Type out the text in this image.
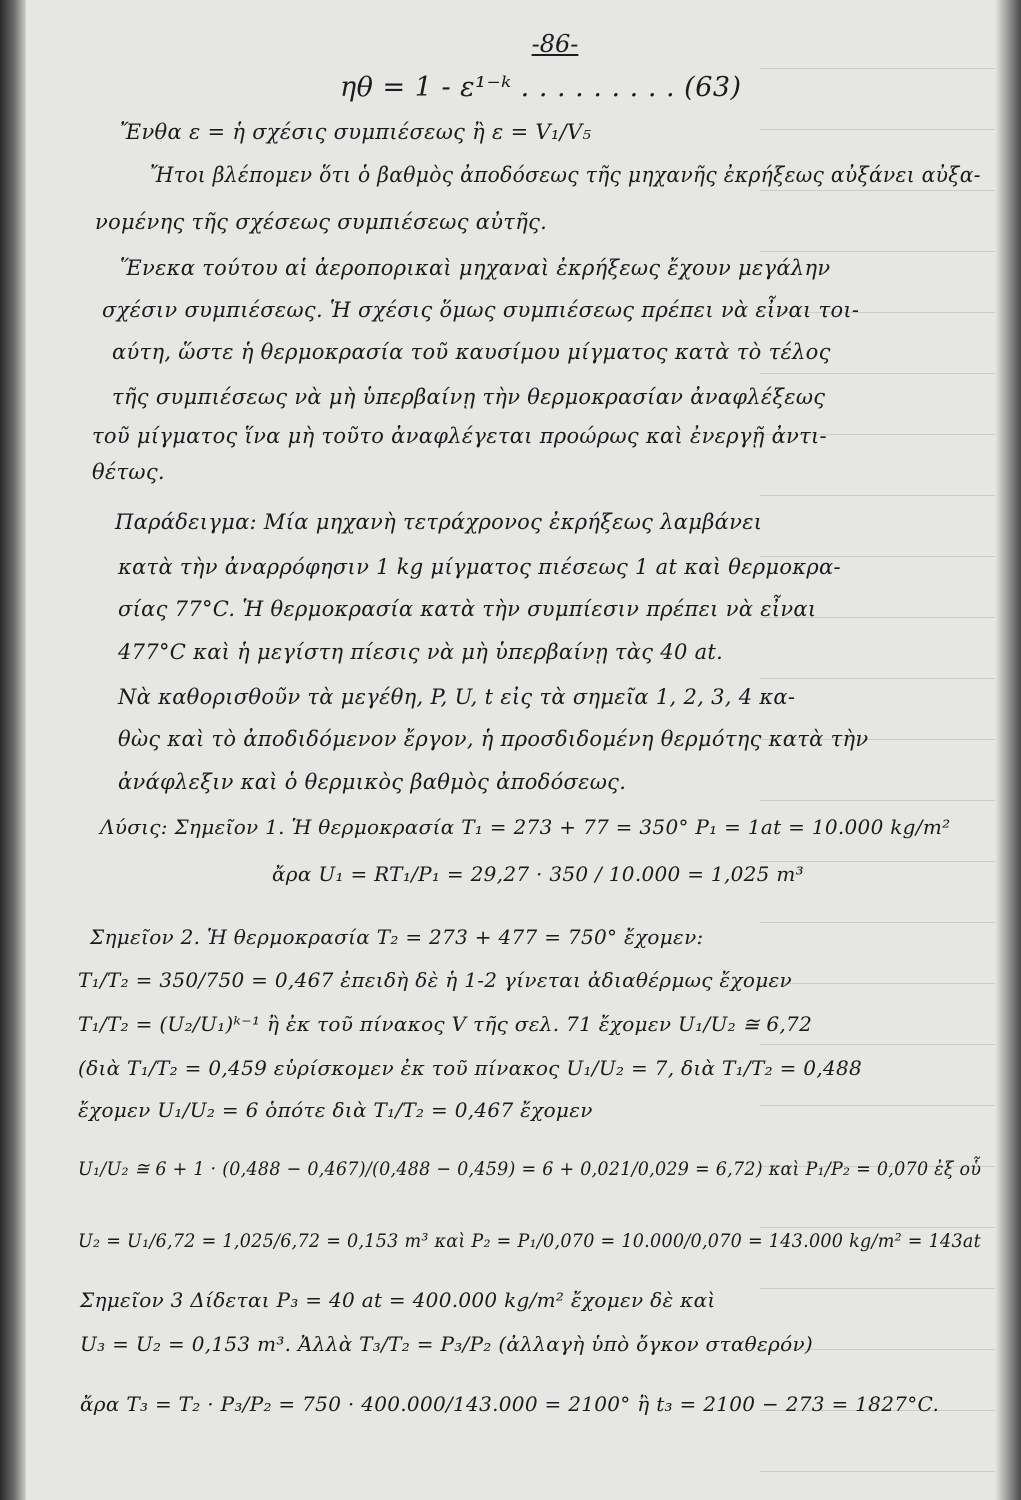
-86-
ηθ = 1 - ε¹⁻ᵏ . . . . . . . . . (63)
Ἔνθα ε = ἡ σχέσις συμπιέσεως ἢ ε = V₁/V₅
Ἤτοι βλέπομεν ὅτι ὁ βαθμὸς ἀποδόσεως τῆς μηχανῆς ἐκρήξεως αὐξάνει αὐξα-
νομένης τῆς σχέσεως συμπιέσεως αὐτῆς.
Ἕνεκα τούτου αἱ ἀεροπορικαὶ μηχαναὶ ἐκρήξεως ἔχουν μεγάλην
σχέσιν συμπιέσεως. Ἡ σχέσις ὅμως συμπιέσεως πρέπει νὰ εἶναι τοι-
αύτη, ὥστε ἡ θερμοκρασία τοῦ καυσίμου μίγματος κατὰ τὸ τέλος
τῆς συμπιέσεως νὰ μὴ ὑπερβαίνῃ τὴν θερμοκρασίαν ἀναφλέξεως
τοῦ μίγματος ἵνα μὴ τοῦτο ἀναφλέγεται προώρως καὶ ἐνεργῇ ἀντι-
θέτως.
Παράδειγμα: Μία μηχανὴ τετράχρονος ἐκρήξεως λαμβάνει
κατὰ τὴν ἀναρρόφησιν 1 kg μίγματος πιέσεως 1 at καὶ θερμοκρα-
σίας 77°C. Ἡ θερμοκρασία κατὰ τὴν συμπίεσιν πρέπει νὰ εἶναι
477°C καὶ ἡ μεγίστη πίεσις νὰ μὴ ὑπερβαίνῃ τὰς 40 at.
Νὰ καθορισθοῦν τὰ μεγέθη, P, U, t εἰς τὰ σημεῖα 1, 2, 3, 4 κα-
θὼς καὶ τὸ ἀποδιδόμενον ἔργον, ἡ προσδιδομένη θερμότης κατὰ τὴν
ἀνάφλεξιν καὶ ὁ θερμικὸς βαθμὸς ἀποδόσεως.
Λύσις: Σημεῖον 1. Ἡ θερμοκρασία T₁ = 273 + 77 = 350° P₁ = 1at = 10.000 kg/m²
ἄρα U₁ = RT₁/P₁ = 29,27 · 350 / 10.000 = 1,025 m³
Σημεῖον 2. Ἡ θερμοκρασία T₂ = 273 + 477 = 750° ἔχομεν:
T₁/T₂ = 350/750 = 0,467 ἐπειδὴ δὲ ἡ 1-2 γίνεται ἀδιαθέρμως ἔχομεν
T₁/T₂ = (U₂/U₁)ᵏ⁻¹ ἢ ἐκ τοῦ πίνακος V τῆς σελ. 71 ἔχομεν U₁/U₂ ≅ 6,72
(διὰ T₁/T₂ = 0,459 εὑρίσκομεν ἐκ τοῦ πίνακος U₁/U₂ = 7, διὰ T₁/T₂ = 0,488
ἔχομεν U₁/U₂ = 6 ὁπότε διὰ T₁/T₂ = 0,467 ἔχομεν
U₁/U₂ ≅ 6 + 1 · (0,488 − 0,467)/(0,488 − 0,459) = 6 + 0,021/0,029 = 6,72) καὶ P₁/P₂ = 0,070 ἐξ οὗ
U₂ = U₁/6,72 = 1,025/6,72 = 0,153 m³ καὶ P₂ = P₁/0,070 = 10.000/0,070 = 143.000 kg/m² = 143at
Σημεῖον 3 Δίδεται P₃ = 40 at = 400.000 kg/m² ἔχομεν δὲ καὶ
U₃ = U₂ = 0,153 m³. Ἀλλὰ T₃/T₂ = P₃/P₂ (ἀλλαγὴ ὑπὸ ὄγκον σταθερόν)
ἄρα T₃ = T₂ · P₃/P₂ = 750 · 400.000/143.000 = 2100° ἢ t₃ = 2100 − 273 = 1827°C.
